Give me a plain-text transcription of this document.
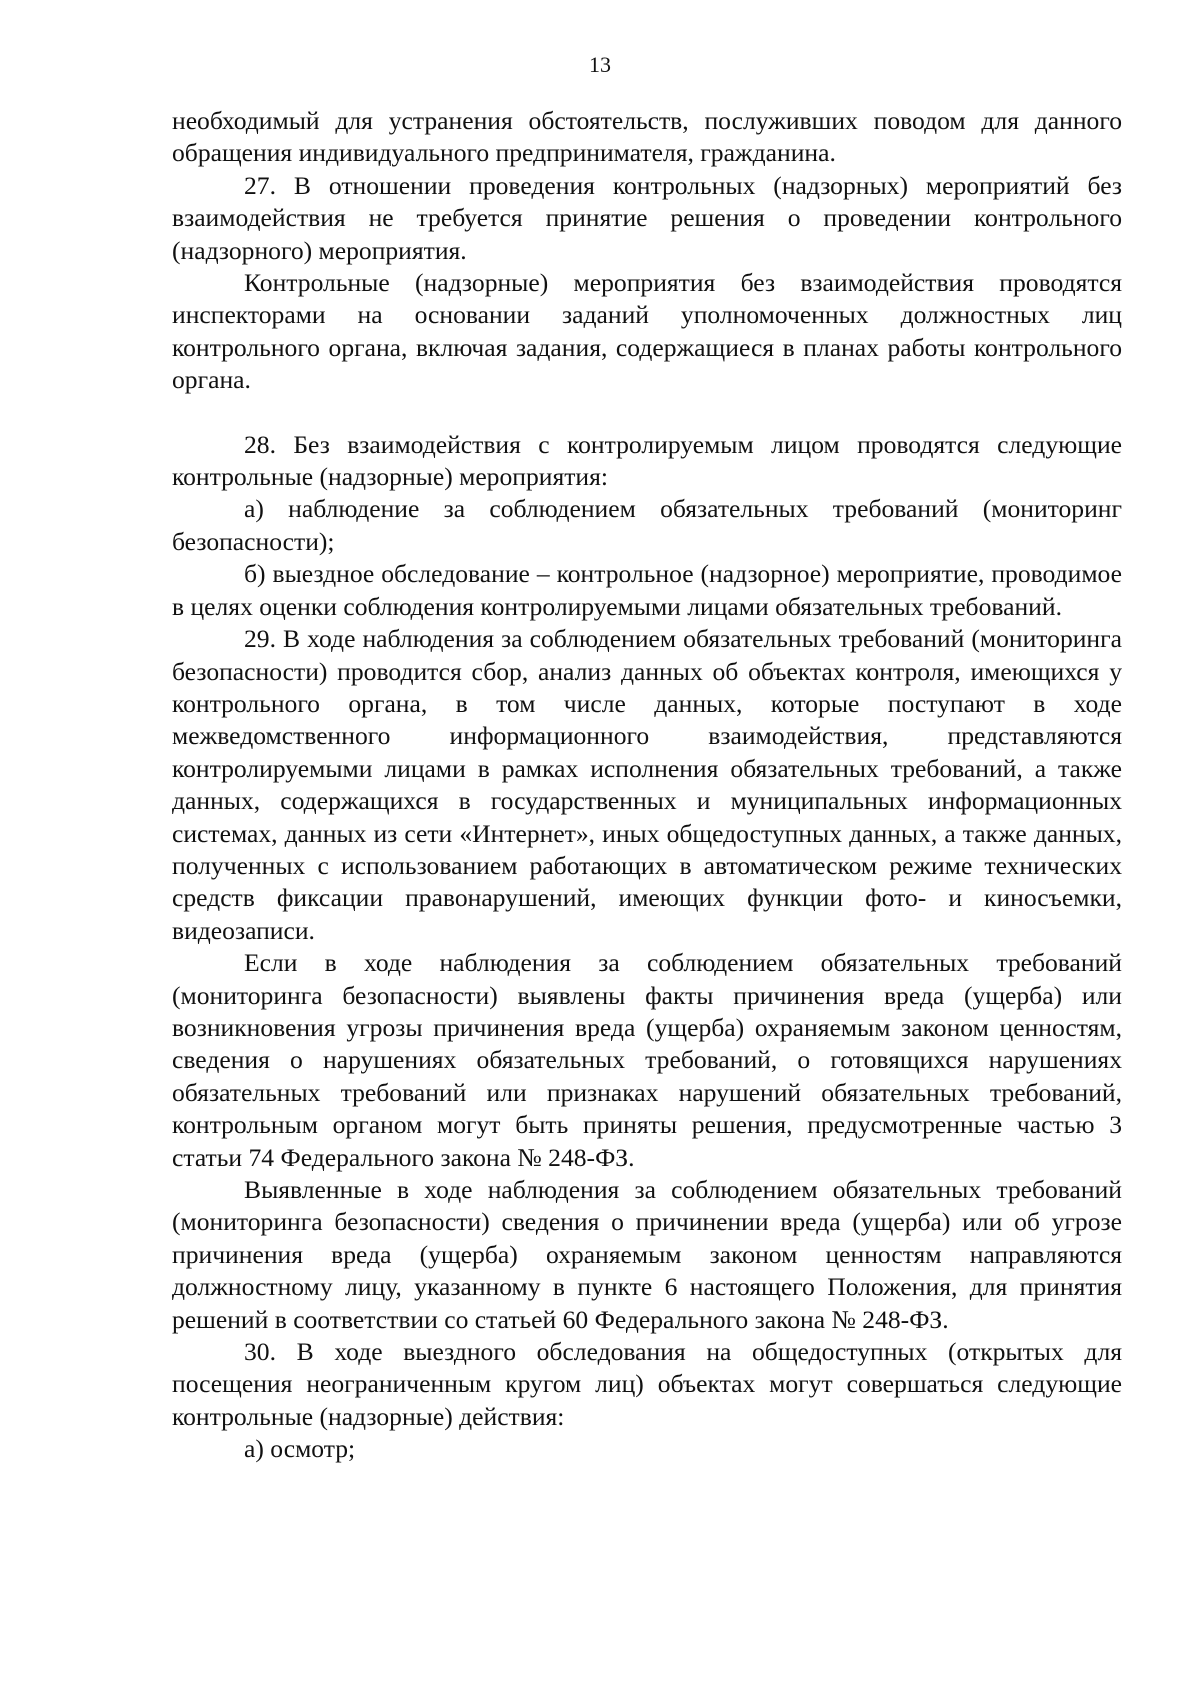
13

необходимый для устранения обстоятельств, послуживших поводом для данного обращения индивидуального предпринимателя, гражданина.

27. В отношении проведения контрольных (надзорных) мероприятий без взаимодействия не требуется принятие решения о проведении контрольного (надзорного) мероприятия.

Контрольные (надзорные) мероприятия без взаимодействия проводятся инспекторами на основании заданий уполномоченных должностных лиц контрольного органа, включая задания, содержащиеся в планах работы контрольного органа.

28. Без взаимодействия с контролируемым лицом проводятся следующие контрольные (надзорные) мероприятия:

а) наблюдение за соблюдением обязательных требований (мониторинг безопасности);

б) выездное обследование – контрольное (надзорное) мероприятие, проводимое в целях оценки соблюдения контролируемыми лицами обязательных требований.

29. В ходе наблюдения за соблюдением обязательных требований (мониторинга безопасности) проводится сбор, анализ данных об объектах контроля, имеющихся у контрольного органа, в том числе данных, которые поступают в ходе межведомственного информационного взаимодействия, представляются контролируемыми лицами в рамках исполнения обязательных требований, а также данных, содержащихся в государственных и муниципальных информационных системах, данных из сети «Интернет», иных общедоступных данных, а также данных, полученных с использованием работающих в автоматическом режиме технических средств фиксации правонарушений, имеющих функции фото- и киносъемки, видеозаписи.

Если в ходе наблюдения за соблюдением обязательных требований (мониторинга безопасности) выявлены факты причинения вреда (ущерба) или возникновения угрозы причинения вреда (ущерба) охраняемым законом ценностям, сведения о нарушениях обязательных требований, о готовящихся нарушениях обязательных требований или признаках нарушений обязательных требований, контрольным органом могут быть приняты решения, предусмотренные частью 3 статьи 74 Федерального закона № 248-ФЗ.

Выявленные в ходе наблюдения за соблюдением обязательных требований (мониторинга безопасности) сведения о причинении вреда (ущерба) или об угрозе причинения вреда (ущерба) охраняемым законом ценностям направляются должностному лицу, указанному в пункте 6 настоящего Положения, для принятия решений в соответствии со статьей 60 Федерального закона № 248-ФЗ.

30. В ходе выездного обследования на общедоступных (открытых для посещения неограниченным кругом лиц) объектах могут совершаться следующие контрольные (надзорные) действия:

а) осмотр;
